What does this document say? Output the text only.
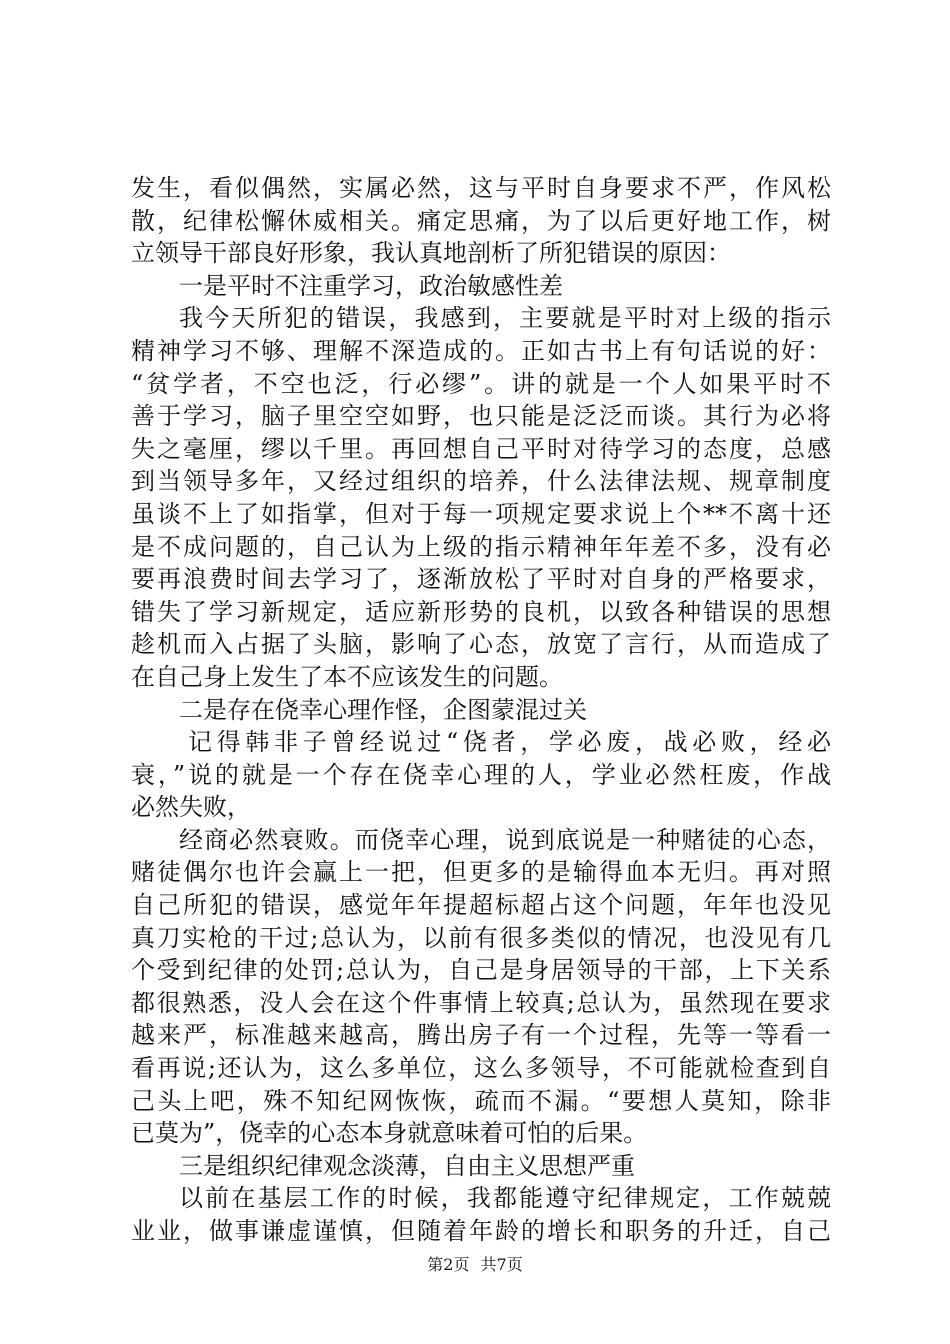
发生，看似偶然，实属必然，这与平时自身要求不严，作风松
散，纪律松懈休威相关。痛定思痛，为了以后更好地工作，树
立领导干部良好形象，我认真地剖析了所犯错误的原因：
一是平时不注重学习，政治敏感性差
我今天所犯的错误，我感到，主要就是平时对上级的指示
精神学习不够、理解不深造成的。正如古书上有句话说的好：
“贫学者，不空也泛，行必缪”。讲的就是一个人如果平时不
善于学习，脑子里空空如野，也只能是泛泛而谈。其行为必将
失之毫厘，缪以千里。再回想自己平时对待学习的态度，总感
到当领导多年，又经过组织的培养，什么法律法规、规章制度
虽谈不上了如指掌，但对于每一项规定要求说上个**不离十还
是不成问题的，自己认为上级的指示精神年年差不多，没有必
要再浪费时间去学习了，逐渐放松了平时对自身的严格要求，
错失了学习新规定，适应新形势的良机，以致各种错误的思想
趁机而入占据了头脑，影响了心态，放宽了言行，从而造成了
在自己身上发生了本不应该发生的问题。
二是存在侥幸心理作怪，企图蒙混过关
记得韩非子曾经说过“侥者，学必废，战必败，经必
衰，”说的就是一个存在侥幸心理的人，学业必然枉废，作战
必然失败，
经商必然衰败。而侥幸心理，说到底说是一种赌徒的心态，
赌徒偶尔也许会赢上一把，但更多的是输得血本无归。再对照
自己所犯的错误，感觉年年提超标超占这个问题，年年也没见
真刀实枪的干过;总认为，以前有很多类似的情况，也没见有几
个受到纪律的处罚;总认为，自己是身居领导的干部，上下关系
都很熟悉，没人会在这个件事情上较真;总认为，虽然现在要求
越来严，标准越来越高，腾出房子有一个过程，先等一等看一
看再说;还认为，这么多单位，这么多领导，不可能就检查到自
己头上吧，殊不知纪网恢恢，疏而不漏。“要想人莫知，除非
已莫为”，侥幸的心态本身就意味着可怕的后果。
三是组织纪律观念淡薄，自由主义思想严重
以前在基层工作的时候，我都能遵守纪律规定，工作兢兢
业业，做事谦虚谨慎，但随着年龄的增长和职务的升迁，自己
第2页 共7页
